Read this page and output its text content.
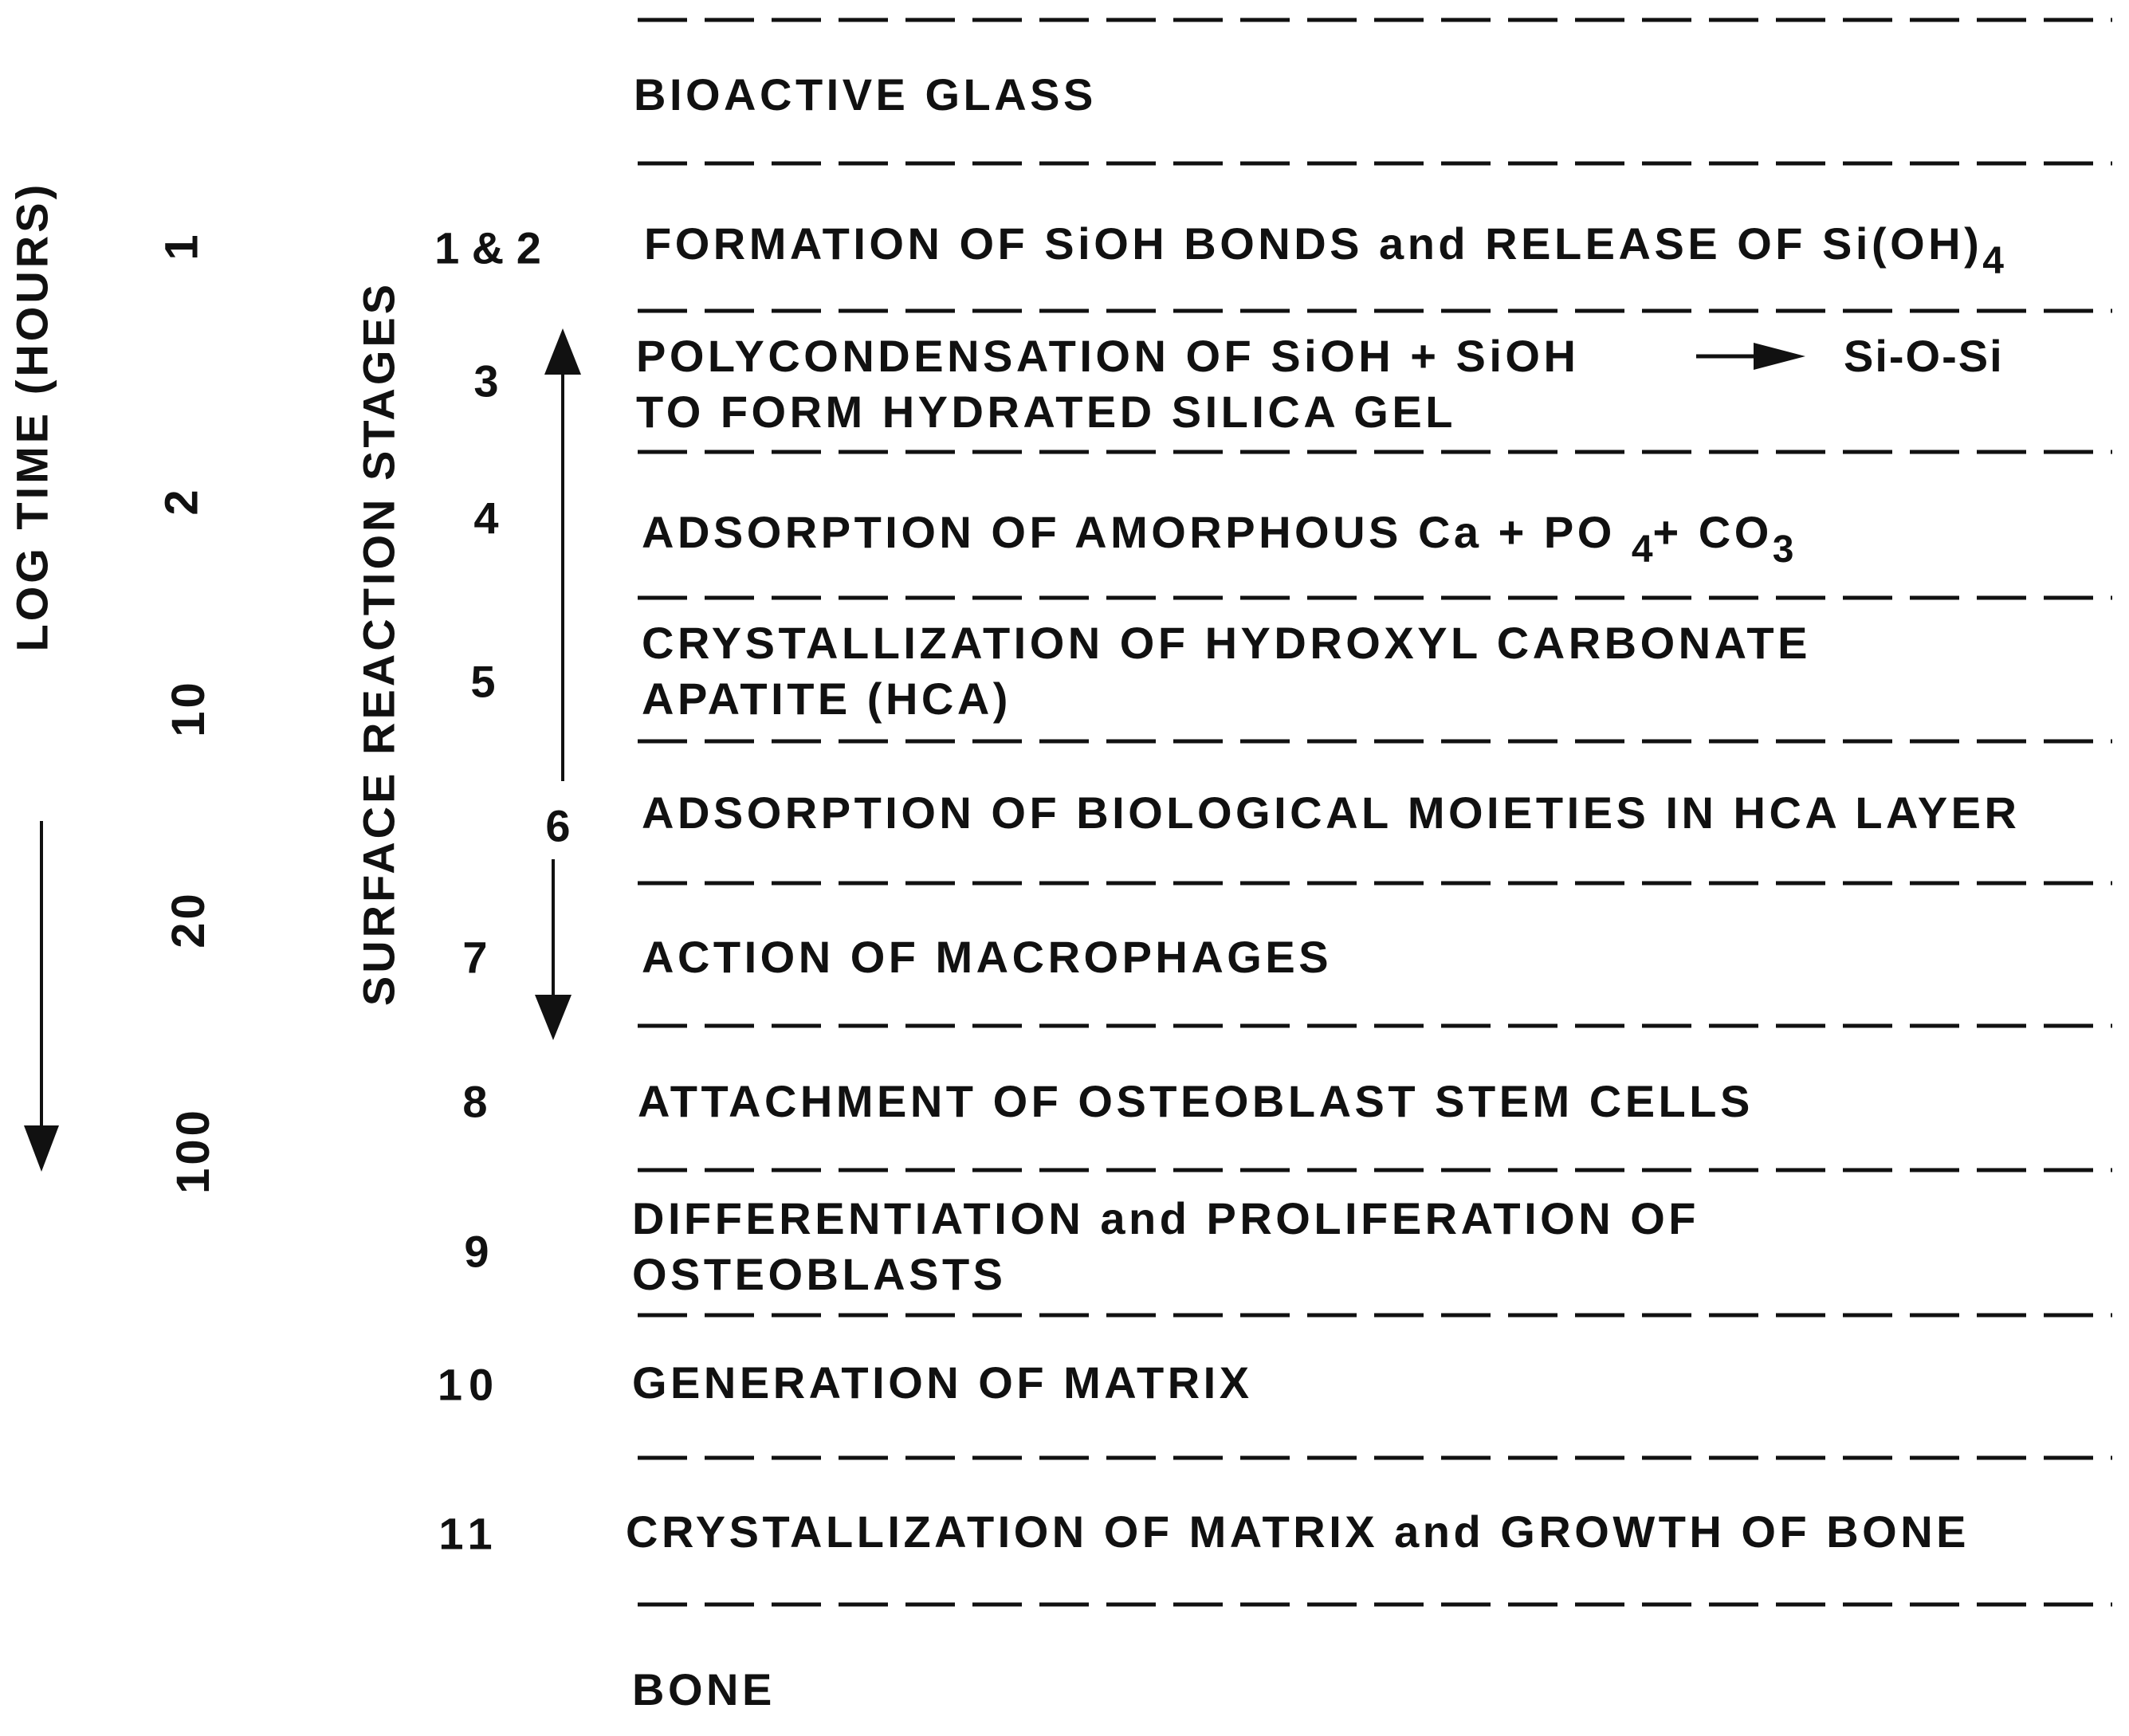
LOG TIME (HOURS) 1
2
10
20
100
SURFACE REACTION STAGES
1 & 2
3
4
5
6
7
8
9
10
11
BIOACTIVE GLASS
FORMATION OF SiOH BONDS and RELEASE OF Si(OH)4
POLYCONDENSATION OF SiOH + SiOH	Si-O-Si
TO FORM HYDRATED SILICA GEL
ADSORPTION OF AMORPHOUS Ca + PO 4+ CO3
CRYSTALLIZATION OF HYDROXYL CARBONATE
APATITE (HCA)
ADSORPTION OF BIOLOGICAL MOIETIES IN HCA LAYER
ACTION OF MACROPHAGES
ATTACHMENT OF OSTEOBLAST STEM CELLS
DIFFERENTIATION and PROLIFERATION OF
OSTEOBLASTS
GENERATION OF MATRIX
CRYSTALLIZATION OF MATRIX and GROWTH OF BONE
BONE
